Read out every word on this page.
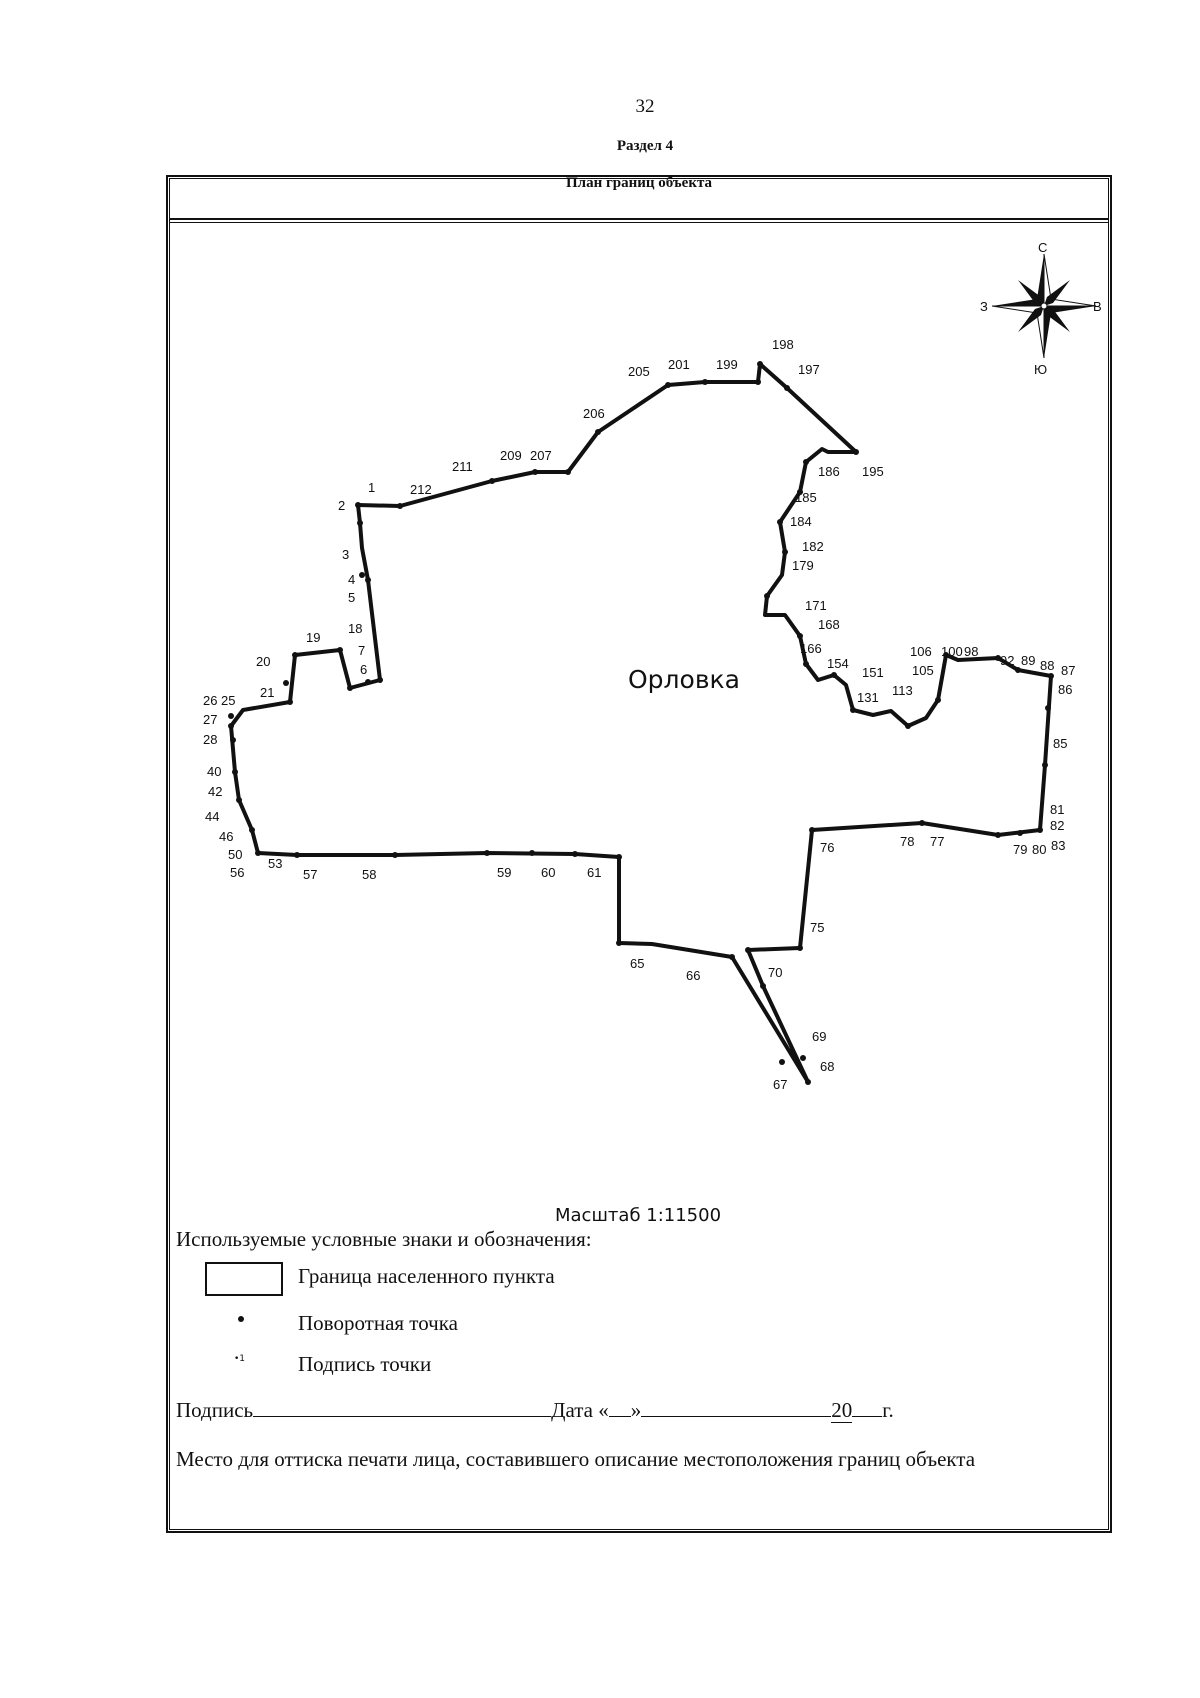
32
Раздел 4
План границ объекта
1
2
3
4
5
6
7
18
19
20
21
25
26
27
28
40
42
44
46
50
53
56	57	58	59 60 61
65
66
67
68
69
70
75
76	77
78
79 80
81
82
83
85
86
87
88
89
92
98
100
105
106
113
131
151
154
166
168
171
179
182
184
185
186 195
197
198
199
201
205
206
207
209
211
212
Орловка
С
Ю
З	В
Масштаб 1:11500
Используемые условные знаки и обозначения:
Граница населенного пункта
Поворотная точка
•1	Подпись точки
Подпись	Дата « »	20 г.
Место для оттиска печати лица, составившего описание местоположения границ объекта
